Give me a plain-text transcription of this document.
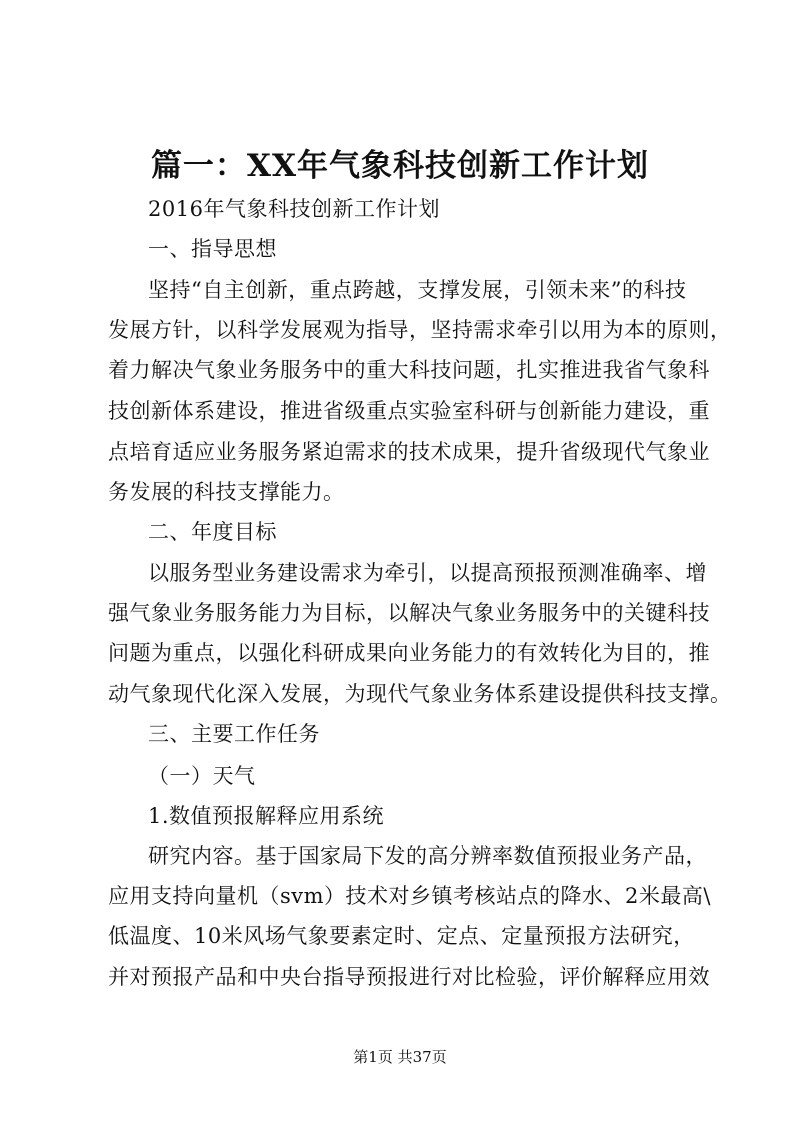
篇一：XX年气象科技创新工作计划
2016年气象科技创新工作计划
一、指导思想
坚持“自主创新，重点跨越，支撑发展，引领未来”的科技
发展方针，以科学发展观为指导，坚持需求牵引以用为本的原则，
着力解决气象业务服务中的重大科技问题，扎实推进我省气象科
技创新体系建设，推进省级重点实验室科研与创新能力建设，重
点培育适应业务服务紧迫需求的技术成果，提升省级现代气象业
务发展的科技支撑能力。
二、年度目标
以服务型业务建设需求为牵引，以提高预报预测准确率、增
强气象业务服务能力为目标，以解决气象业务服务中的关键科技
问题为重点，以强化科研成果向业务能力的有效转化为目的，推
动气象现代化深入发展，为现代气象业务体系建设提供科技支撑。
三、主要工作任务
（一）天气
1.数值预报解释应用系统
研究内容。基于国家局下发的高分辨率数值预报业务产品，
应用支持向量机（svm）技术对乡镇考核站点的降水、2米最高\
低温度、10米风场气象要素定时、定点、定量预报方法研究，
并对预报产品和中央台指导预报进行对比检验，评价解释应用效
第1页 共37页
